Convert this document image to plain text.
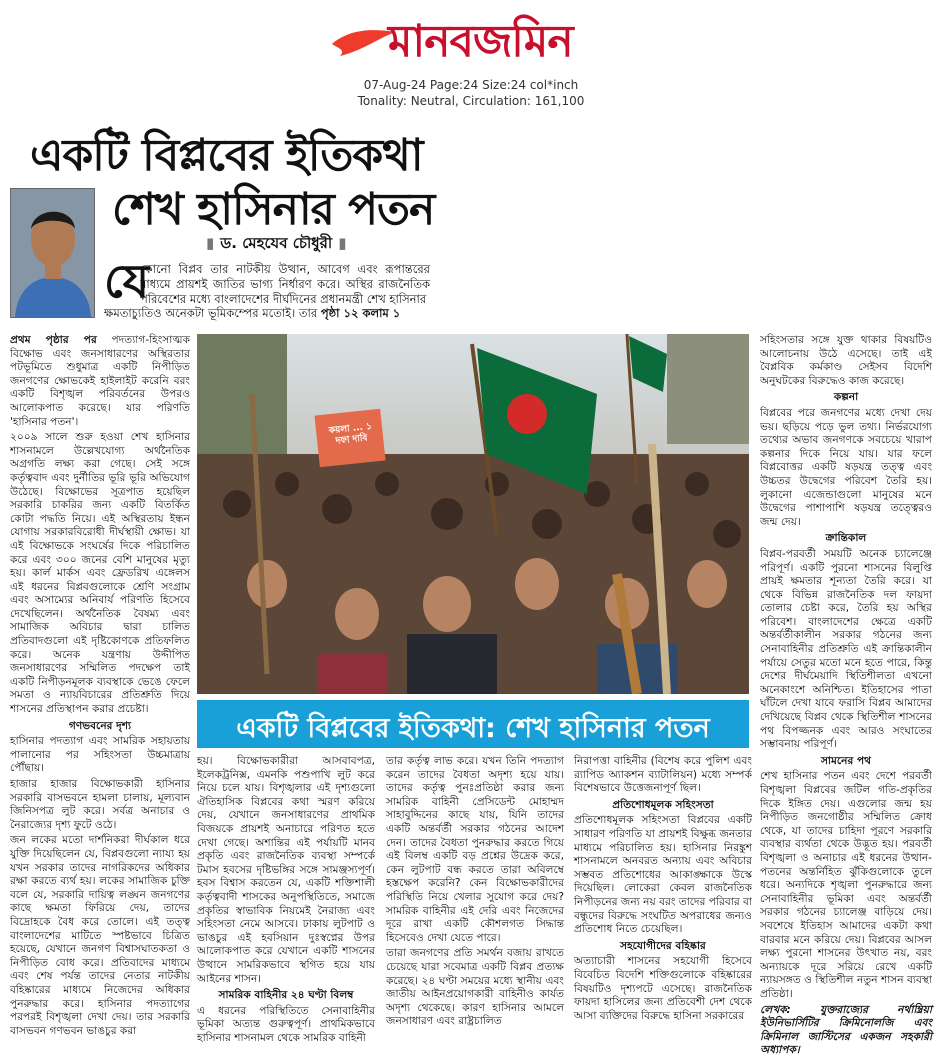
মানবজমিন
07-Aug-24 Page:24 Size:24 col*inch
Tonality: Neutral, Circulation: 161,100
একটি বিপ্লবের ইতিকথা
শেখ হাসিনার পতন
▮ ড. মেহযেব চৌধুরী ▮
যে
কোনো বিপ্লব তার নাটকীয় উত্থান, আবেগ এবং রূপান্তরের মাধ্যমে প্রায়শই জাতির ভাগ্য নির্ধারণ করে। অস্থির রাজনৈতিক পরিবেশের মধ্যে বাংলাদেশের দীর্ঘদিনের প্রধানমন্ত্রী শেখ হাসিনার
ক্ষমতাচ্যুতিও অনেকটা ভূমিকম্পের মতোই। তার পৃষ্ঠা ১২ কলাম ১

প্রথম পৃষ্ঠার পর পদত্যাগ-হিংসাত্মক বিক্ষোভ এবং জনসাধারণের অস্থিরতার পটভূমিতে শুধুমাত্র একটি নিপীড়িত জনগণের ক্ষোভকেই হাইলাইট করেনি বরং একটি বিশৃঙ্খল পরিবর্তনের উপরও আলোকপাত করেছে। যার পরিণতি 'হাসিনার পতন'।

২০০৯ সালে শুরু হওয়া শেখ হাসিনার শাসনামলে উল্লেখযোগ্য অর্থনৈতিক অগ্রগতি লক্ষ্য করা গেছে। সেই সঙ্গে কর্তৃত্ববাদ এবং দুর্নীতির ভূরি ভূরি অভিযোগ উঠেছে। বিক্ষোভের সূত্রপাত হয়েছিল সরকারি চাকরির জন্য একটি বিতর্কিত কোটা পদ্ধতি নিয়ে। এই অস্থিরতায় ইন্ধন যোগায় সরকারবিরোধী দীর্ঘস্থায়ী ক্ষোভ। যা এই বিক্ষোভকে সংঘর্ষের দিকে পরিচালিত করে এবং ৩০০ জনের বেশি মানুষের মৃত্যু হয়। কার্ল মার্কস এবং ফ্রেডরিখ এঙ্গেলস এই ধরনের বিপ্লবগুলোকে শ্রেণি সংগ্রাম এবং অসাম্যের অনিবার্য পরিণতি হিসেবে দেখেছিলেন। অর্থনৈতিক বৈষম্য এবং সামাজিক অবিচার দ্বারা চালিত প্রতিবাদগুলো এই দৃষ্টিকোণকে প্রতিফলিত করে। অনেক যন্ত্রণায় উদ্দীপিত জনসাধারণের সম্মিলিত পদক্ষেপ তাই একটি নিপীড়নমূলক ব্যবস্থাকে ভেঙে ফেলে সমতা ও ন্যায়বিচারের প্রতিশ্রুতি দিয়ে শাসনের প্রতিস্থাপন করার প্রচেষ্টা।

গণভবনের দৃশ্য

হাসিনার পদত্যাগ এবং সামরিক সহায়তায় পালানোর পর সহিংসতা উচ্চমাত্রায় পৌঁছায়।

হাজার হাজার বিক্ষোভকারী হাসিনার সরকারি বাসভবনে হামলা চালায়, মূল্যবান জিনিসপত্র লুট করে। সর্বত্র অনাচার ও নৈরাজ্যের দৃশ্য ফুটে ওঠে।

জন লকের মতো দার্শনিকরা দীর্ঘকাল ধরে যুক্তি দিয়েছিলেন যে, বিপ্লবগুলো ন্যায্য হয় যখন সরকার তাদের নাগরিকদের অধিকার রক্ষা করতে ব্যর্থ হয়। লকের সামাজিক চুক্তি বলে যে, সরকারি দায়িত্ব লঙ্ঘন জনগণের কাছে ক্ষমতা ফিরিয়ে দেয়, তাদের বিদ্রোহকে বৈধ করে তোলে। এই তত্ত্ব বাংলাদেশের মাটিতে স্পষ্টভাবে চিত্রিত হয়েছে, যেখানে জনগণ বিশ্বাসঘাতকতা ও নিপীড়িত বোধ করে। প্রতিবাদের মাধ্যমে এবং শেষ পর্যন্ত তাদের নেতার নাটকীয় বহিষ্কারের মাধ্যমে নিজেদের অধিকার পুনরুদ্ধার করে। হাসিনার পদত্যাগের পরপরই বিশৃঙ্খলা দেখা দেয়। তার সরকারি বাসভবন গণভবন ভাঙচুর করা

কয়লা ... ১ দফা দাবি
একটি বিপ্লবের ইতিকথা: শেখ হাসিনার পতন

সহিংসতার সঙ্গে যুক্ত থাকার বিষয়টিও আলোচনায় উঠে এসেছে। তাই এই বৈপ্লবিক কর্মকাণ্ড সেইসব বিদেশি অনুঘটকের বিরুদ্ধেও কাজ করেছে।

কল্পনা

বিপ্লবের পরে জনগণের মধ্যে দেখা দেয় ভয়। ছড়িয়ে পড়ে ভুল তথ্য। নির্ভরযোগ্য তথ্যের অভাব জনগণকে সবচেয়ে খারাপ কল্পনার দিকে নিয়ে যায়। যার ফলে বিপ্লবোত্তর একটি ষড়যন্ত্র তত্ত্ব এবং উচ্চতর উদ্বেগের পরিবেশ তৈরি হয়। লুকানো এজেন্ডাগুলো মানুষের মনে উদ্বেগের পাশাপাশি ষড়যন্ত্র তত্ত্বেরও জন্ম দেয়।

ক্রান্তিকাল

বিপ্লব-পরবর্তী সময়টি অনেক চ্যালেঞ্জে পরিপূর্ণ। একটি পুরনো শাসনের বিলুপ্তি প্রায়ই ক্ষমতার শূন্যতা তৈরি করে। যা থেকে বিভিন্ন রাজনৈতিক দল ফায়দা তোলার চেষ্টা করে, তৈরি হয় অস্থির পরিবেশ। বাংলাদেশের ক্ষেত্রে একটি অন্তর্বর্তীকালীন সরকার গঠনের জন্য সেনাবাহিনীর প্রতিশ্রুতি এই ক্রান্তিকালীন পর্যায়ে সেতুর মতো মনে হতে পারে, কিন্তু দেশের দীর্ঘমেয়াদি স্থিতিশীলতা এখনো অনেকাংশে অনিশ্চিত। ইতিহাসের পাতা ঘাঁটলে দেখা যাবে ফরাসি বিপ্লব আমাদের দেখিয়েছে বিপ্লব থেকে স্থিতিশীল শাসনের পথ বিপজ্জনক এবং আরও সংঘাতের সম্ভাবনায় পরিপূর্ণ।

সামনের পথ

শেখ হাসিনার পতন এবং দেশে পরবর্তী বিশৃঙ্খলা বিপ্লবের জটিল গতি-প্রকৃতির দিকে ইঙ্গিত দেয়। এগুলোর জন্ম হয় নিপীড়িত জনগোষ্ঠীর সম্মিলিত ক্রোধ থেকে, যা তাদের চাহিদা পূরণে সরকারি ব্যবস্থার ব্যর্থতা থেকে উদ্ভূত হয়। পরবর্তী বিশৃঙ্খলা ও অনাচার এই ধরনের উত্থান-পতনের অন্তর্নিহিত ঝুঁকিগুলোকে তুলে ধরে। অন্যদিকে শৃঙ্খলা পুনরুদ্ধারে জন্য সেনাবাহিনীর ভূমিকা এবং অন্তর্বর্তী সরকার গঠনের চ্যালেঞ্জ বাড়িয়ে দেয়। সবশেষে ইতিহাস আমাদের একটা কথা বারবার মনে করিয়ে দেয়। বিপ্লবের আসল লক্ষ্য পুরনো শাসনের উৎখাত নয়, বরং অন্যায়কে দূরে সরিয়ে রেখে একটি ন্যায়সঙ্গত ও স্থিতিশীল নতুন শাসন ব্যবস্থা প্রতিষ্ঠা।

লেখক: যুক্তরাজ্যের নর্থাম্ব্রিয়া ইউনিভার্সিটির ক্রিমিনোলজি এবং ক্রিমিনাল জাস্টিসের একজন সহকারী অধ্যাপক।

হয়। বিক্ষোভকারীরা আসবাবপত্র, ইলেকট্রনিক্স, এমনকি পশুপাখি লুট করে নিয়ে চলে যায়। বিশৃঙ্খলার এই দৃশ্যগুলো ঐতিহাসিক বিপ্লবের কথা স্মরণ করিয়ে দেয়, যেখানে জনসাধারণের প্রাথমিক বিজয়কে প্রায়শই অনাচারে পরিণত হতে দেখা গেছে। অশান্তির এই পর্যায়টি মানব প্রকৃতি এবং রাজনৈতিক ব্যবস্থা সম্পর্কে টমাস হবসের দৃষ্টিভঙ্গির সঙ্গে সামঞ্জস্যপূর্ণ। হবস বিশ্বাস করতেন যে, একটি শক্তিশালী কর্তৃত্ববাদী শাসকের অনুপস্থিতিতে, সমাজে প্রকৃতির স্বাভাবিক নিয়মেই নৈরাজ্য এবং সহিংসতা নেমে আসবে। ঢাকায় লুটপাট ও ভাঙচুর এই হবসিয়ান দুঃস্বপ্নের উপর আলোকপাত করে যেখানে একটি শাসনের উত্থানে সামরিকভাবে স্থগিত হয়ে যায় আইনের শাসন।

সামরিক বাহিনীর ২৪ ঘণ্টা বিলম্ব

এ ধরনের পরিস্থিতিতে সেনাবাহিনীর ভূমিকা অত্যন্ত গুরুত্বপূর্ণ। প্রাথমিকভাবে হাসিনার শাসনামল থেকে সামরিক বাহিনী

তার কর্তৃত্ব লাভ করে। যখন তিনি পদত্যাগ করেন তাদের বৈধতা অদৃশ্য হয়ে যায়। তাদের কর্তৃত্ব পুনঃপ্রতিষ্ঠা করার জন্য সামরিক বাহিনী প্রেসিডেন্ট মোহাম্মদ সাহাবুদ্দিনের কাছে যায়, যিনি তাদের একটি অন্তর্বর্তী সরকার গঠনের আদেশ দেন। তাদের বৈধতা পুনরুদ্ধার করতে গিয়ে এই বিলম্ব একটি বড় প্রশ্নের উদ্রেক করে, কেন লুটপাট বন্ধ করতে তারা অবিলম্বে হস্তক্ষেপ করেনি? কেন বিক্ষোভকারীদের পরিস্থিতি নিয়ে খেলার সুযোগ করে দেয়? সামরিক বাহিনীর এই দেরি এবং নিজেদের দূরে রাখা একটি কৌশলগত সিদ্ধান্ত হিসেবেও দেখা যেতে পারে।

তারা জনগণের প্রতি সমর্থন বজায় রাখতে চেয়েছে যারা সবেমাত্র একটি বিপ্লব প্রত্যক্ষ করেছে। ২৪ ঘণ্টা সময়ের মধ্যে স্থানীয় এবং জাতীয় আইনপ্রয়োগকারী বাহিনীও কার্যত অদৃশ্য থেকেছে। কারণ হাসিনার আমলে জনসাধারণ এবং রাষ্ট্রচালিত

নিরাপত্তা বাহিনীর (বিশেষ করে পুলিশ এবং র‍্যাপিড অ্যাকশন ব্যাটালিয়ন) মধ্যে সম্পর্ক বিশেষভাবে উত্তেজনাপূর্ণ ছিল।

প্রতিশোধমূলক সহিংসতা

প্রতিশোধমূলক সহিংসতা বিপ্লবের একটি সাধারণ পরিণতি যা প্রায়শই বিক্ষুব্ধ জনতার মাধ্যমে পরিচালিত হয়। হাসিনার নিরঙ্কুশ শাসনামলে অনবরত অন্যায় এবং অবিচার সম্ভবত প্রতিশোধের আকাঙ্ক্ষাকে উস্কে দিয়েছিল। লোকেরা কেবল রাজনৈতিক নিপীড়নের জন্য নয় বরং তাদের পরিবার বা বন্ধুদের বিরুদ্ধে সংঘটিত অপরাধের জন্যও প্রতিশোধ নিতে চেয়েছিল।

সহযোগীদের বহিষ্কার

অত্যাচারী শাসনের সহযোগী হিসেবে বিবেচিত বিদেশি শক্তিগুলোকে বহিষ্কারের বিষয়টিও দৃশ্যপটে এসেছে। রাজনৈতিক ফায়দা হাসিলের জন্য প্রতিবেশী দেশ থেকে আসা ব্যক্তিদের বিরুদ্ধে হাসিনা সরকারের
